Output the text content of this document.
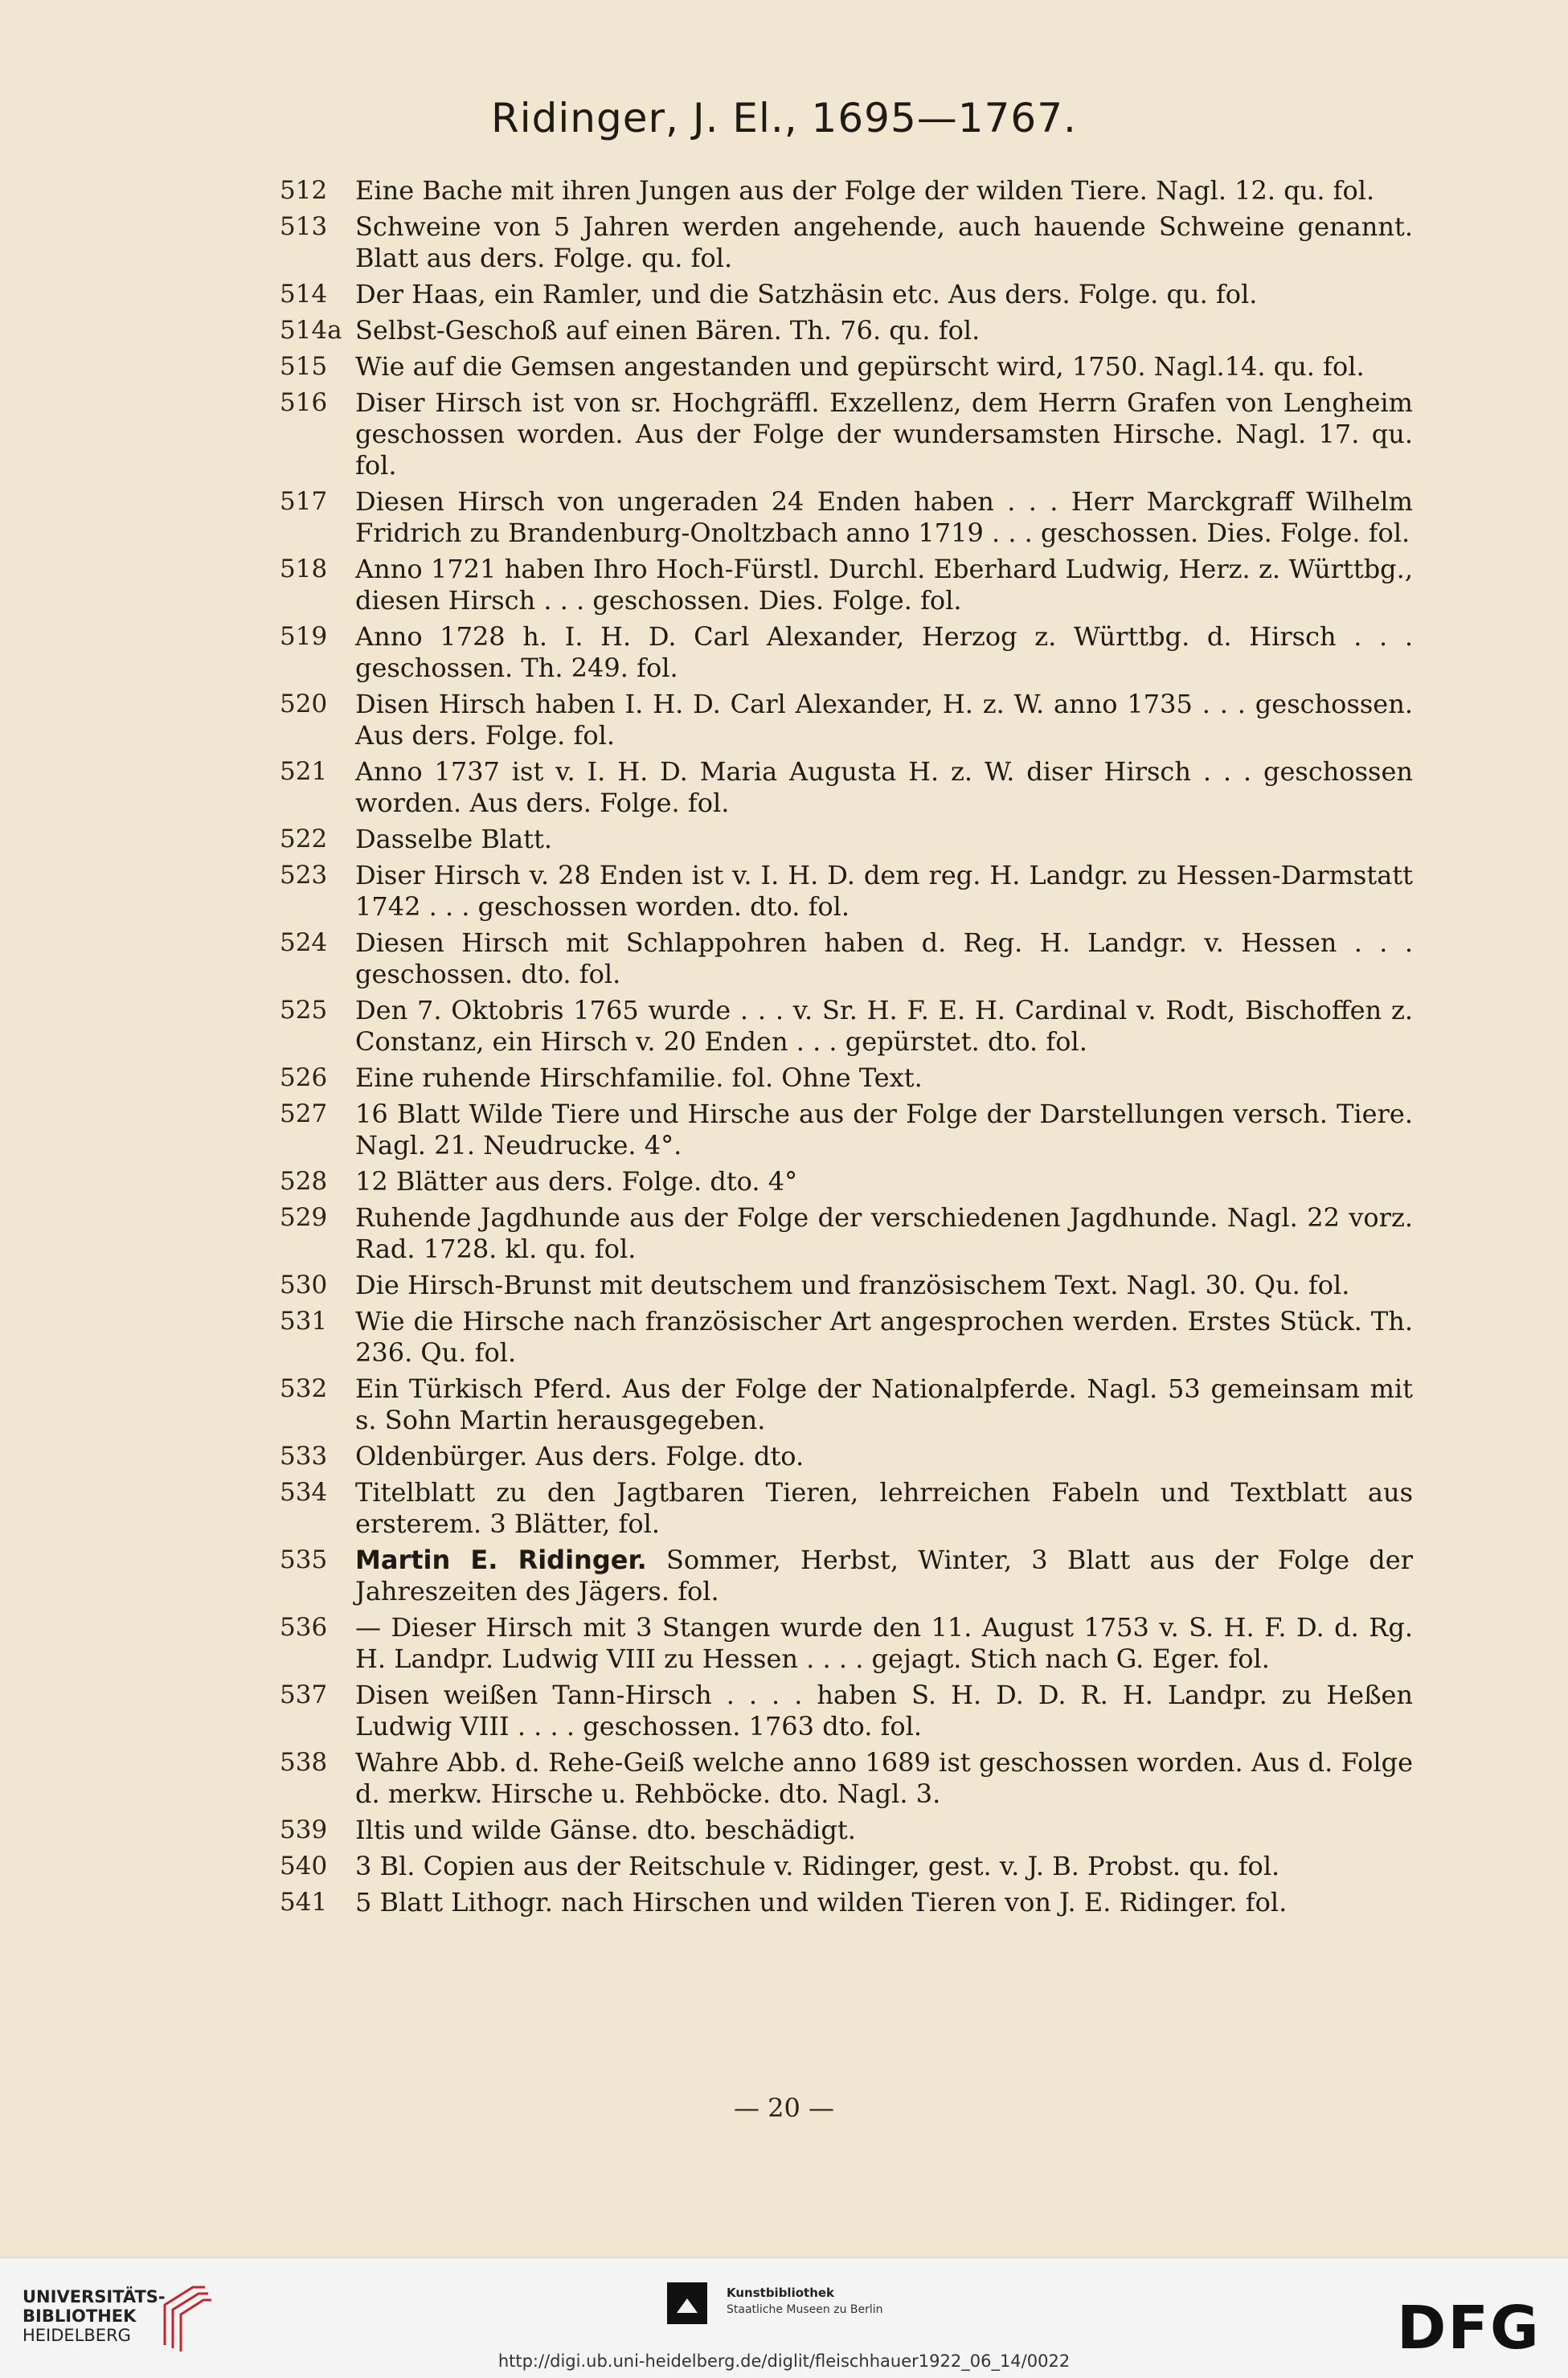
Ridinger, J. El., 1695—1767.
512	Eine Bache mit ihren Jungen aus der Folge der wilden Tiere. Nagl. 12. qu. fol.
513	Schweine von 5 Jahren werden angehende, auch hauende Schweine genannt. Blatt aus ders. Folge. qu. fol.
514	Der Haas, ein Ramler, und die Satzhäsin etc. Aus ders. Folge. qu. fol.
514a Selbst-Geschoß auf einen Bären. Th. 76. qu. fol.
515	Wie auf die Gemsen angestanden und gepürscht wird, 1750. Nagl.14. qu. fol.
516	Diser Hirsch ist von sr. Hochgräffl. Exzellenz, dem Herrn Grafen von Lengheim geschossen worden. Aus der Folge der wundersamsten Hirsche. Nagl. 17. qu. fol.
517	Diesen Hirsch von ungeraden 24 Enden haben . . . Herr Marckgraff Wilhelm Fridrich zu Brandenburg-Onoltzbach anno 1719 . . . geschossen. Dies. Folge. fol.
518	Anno 1721 haben Ihro Hoch-Fürstl. Durchl. Eberhard Ludwig, Herz. z. Württbg., diesen Hirsch . . . geschossen. Dies. Folge. fol.
519	Anno 1728 h. I. H. D. Carl Alexander, Herzog z. Württbg. d. Hirsch . . . geschossen. Th. 249. fol.
520	Disen Hirsch haben I. H. D. Carl Alexander, H. z. W. anno 1735 . . . geschossen. Aus ders. Folge. fol.
521	Anno 1737 ist v. I. H. D. Maria Augusta H. z. W. diser Hirsch . . . geschossen worden. Aus ders. Folge. fol.
522	Dasselbe Blatt.
523	Diser Hirsch v. 28 Enden ist v. I. H. D. dem reg. H. Landgr. zu Hessen-Darmstatt 1742 . . . geschossen worden. dto. fol.
524	Diesen Hirsch mit Schlappohren haben d. Reg. H. Landgr. v. Hessen . . . geschossen. dto. fol.
525	Den 7. Oktobris 1765 wurde . . . v. Sr. H. F. E. H. Cardinal v. Rodt, Bischoffen z. Constanz, ein Hirsch v. 20 Enden . . . gepürstet. dto. fol.
526	Eine ruhende Hirschfamilie. fol. Ohne Text.
527	16 Blatt Wilde Tiere und Hirsche aus der Folge der Darstellungen versch. Tiere. Nagl. 21. Neudrucke. 4°.
528	12 Blätter aus ders. Folge. dto. 4°
529	Ruhende Jagdhunde aus der Folge der verschiedenen Jagdhunde. Nagl. 22 vorz. Rad. 1728. kl. qu. fol.
530	Die Hirsch-Brunst mit deutschem und französischem Text. Nagl. 30. Qu. fol.
531	Wie die Hirsche nach französischer Art angesprochen werden. Erstes Stück. Th. 236. Qu. fol.
532	Ein Türkisch Pferd. Aus der Folge der Nationalpferde. Nagl. 53 gemeinsam mit s. Sohn Martin herausgegeben.
533	Oldenbürger. Aus ders. Folge. dto.
534	Titelblatt zu den Jagtbaren Tieren, lehrreichen Fabeln und Textblatt aus ersterem. 3 Blätter, fol.
535	Martin E. Ridinger. Sommer, Herbst, Winter, 3 Blatt aus der Folge der Jahreszeiten des Jägers. fol.
536	— Dieser Hirsch mit 3 Stangen wurde den 11. August 1753 v. S. H. F. D. d. Rg. H. Landpr. Ludwig VIII zu Hessen . . . . gejagt. Stich nach G. Eger. fol.
537	Disen weißen Tann-Hirsch . . . . haben S. H. D. D. R. H. Landpr. zu Heßen Ludwig VIII . . . . geschossen. 1763 dto. fol.
538	Wahre Abb. d. Rehe-Geiß welche anno 1689 ist geschossen worden. Aus d. Folge d. merkw. Hirsche u. Rehböcke. dto. Nagl. 3.
539	Iltis und wilde Gänse. dto. beschädigt.
540	3 Bl. Copien aus der Reitschule v. Ridinger, gest. v. J. B. Probst. qu. fol.
541	5 Blatt Lithogr. nach Hirschen und wilden Tieren von J. E. Ridinger. fol.
— 20 —
UNIVERSITÄTS-
BIBLIOTHEK
HEIDELBERG
Kunstbibliothek
Staatliche Museen zu Berlin	DFG
http://digi.ub.uni-heidelberg.de/diglit/fleischhauer1922_06_14/0022
